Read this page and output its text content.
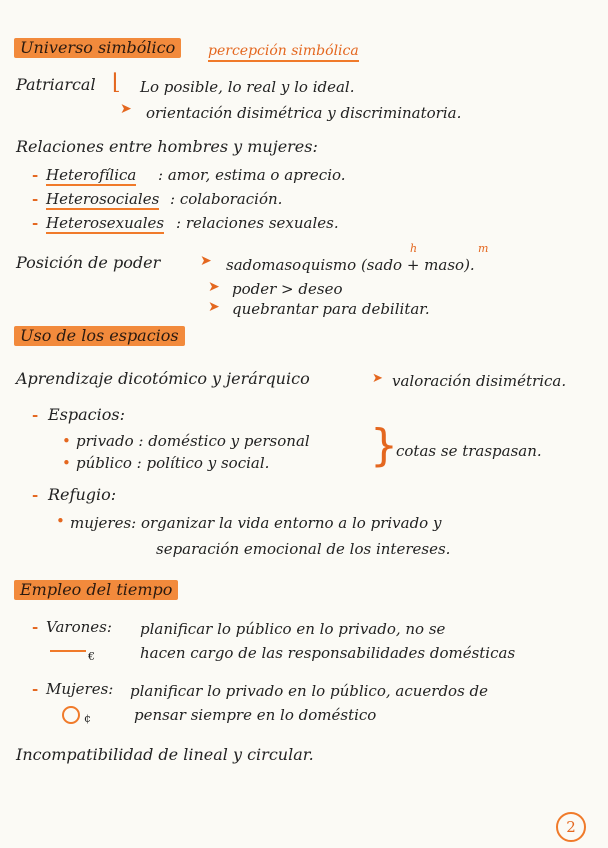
Universo simbólico	percepción simbólica
Patriarcal ⌊ Lo posible, lo real y lo ideal.
➤ orientación disimétrica y discriminatoria.
Relaciones entre hombres y mujeres:
- Heterofílica : amor, estima o aprecio.
- Heterosociales : colaboración.
- Heterosexuales : relaciones sexuales.
Posición de poder	➤
h	m
sadomasoquismo (sado + maso).
➤ poder > deseo
➤ quebrantar para debilitar.
Uso de los espacios
Aprendizaje dicotómico y jerárquico	➤ valoración disimétrica.
- Espacios:
• privado : doméstico y personal
• público : político y social. }
cotas se traspasan.
- Refugio:
• mujeres: organizar la vida entorno a lo privado y
separación emocional de los intereses.
Empleo del tiempo
- Varones: planificar lo público en lo privado, no se
€	hacen cargo de las responsabilidades domésticas
- Mujeres: planificar lo privado en lo público, acuerdos de
¢	pensar siempre en lo doméstico
Incompatibilidad de lineal y circular.
2
